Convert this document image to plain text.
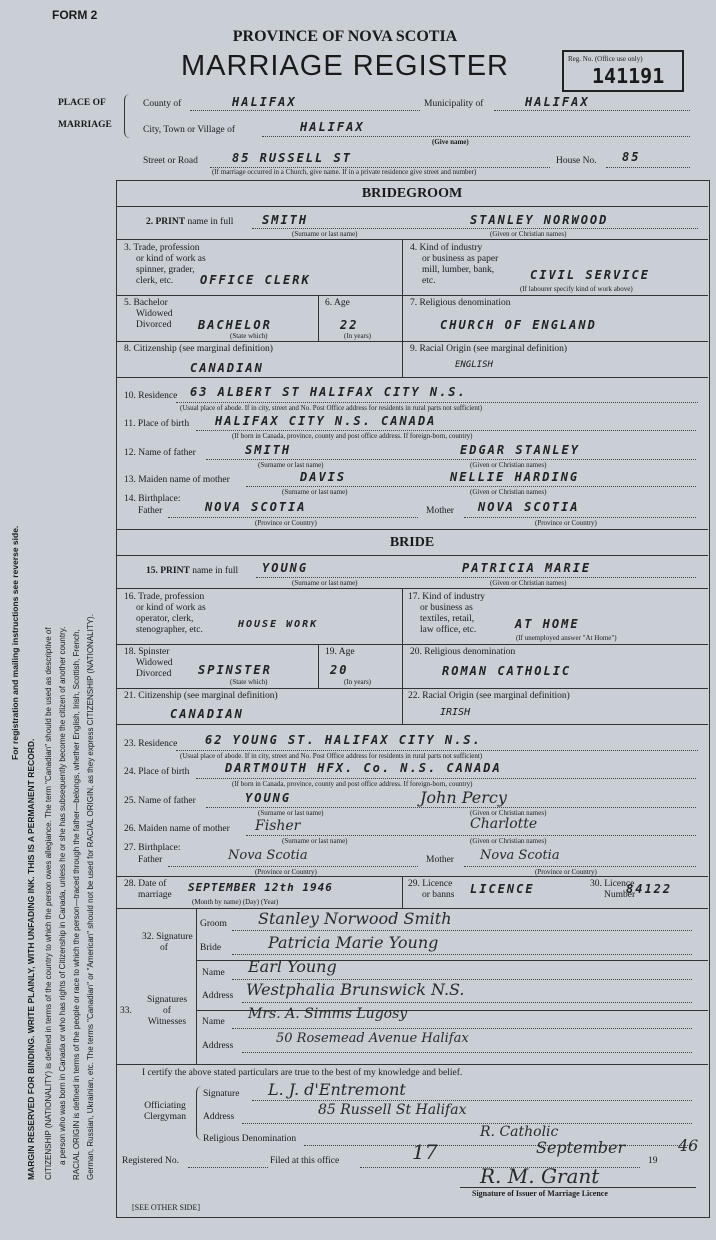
For registration and mailing instructions see reverse side.
MARGIN RESERVED FOR BINDING. WRITE PLAINLY, WITH UNFADING INK. THIS IS A PERMANENT RECORD. CITIZENSHIP (NATIONALITY) is defined in terms of the country to which the person owes allegiance. The term "Canadian" should be used as descriptive of a person who was born in Canada or who has rights of Citizenship in Canada, unless he or she has subsequently become the citizen of another country. RACIAL ORIGIN is defined in terms of the people or race to which the person—traced through the father—belongs, whether English, Irish, Scottish, French, German, Russian, Ukrainian, etc. The terms "Canadian" or "American" should not be used for RACIAL ORIGIN, as they express CITIZENSHIP (NATIONALITY).
FORM 2
PROVINCE OF NOVA SCOTIA
MARRIAGE REGISTER	Reg. No. (Office use only)
141191
PLACE OF
MARRIAGE
County of	HALIFAX	Municipality of	HALIFAX
City, Town or Village of	HALIFAX
(Give name)
Street or Road	85 RUSSELL ST	House No. 85
(If marriage occurred in a Church, give name. If in a private residence give street and number)
BRIDEGROOM
2. PRINT name in full SMITH	STANLEY NORWOOD
(Surname or last name)	(Given or Christian names)
3. Trade, profession
or kind of work as
spinner, grader,
clerk, etc.	OFFICE CLERK
4. Kind of industry
or business as paper
mill, lumber, bank,
etc.	CIVIL SERVICE
(If labourer specify kind of work above)
5. Bachelor
Widowed
Divorced BACHELOR
(State which)
6. Age
22
(In years)
7. Religious denomination
CHURCH OF ENGLAND
8. Citizenship (see marginal definition)
CANADIAN
9. Racial Origin (see marginal definition)
ENGLISH
10. Residence 63 ALBERT ST HALIFAX CITY N.S.
(Usual place of abode. If in city, street and No. Post Office address for residents in rural parts not sufficient)
11. Place of birth HALIFAX CITY N.S. CANADA
(If born in Canada, province, county and post office address. If foreign-born, country)
12. Name of father	SMITH	EDGAR STANLEY
(Surname or last name)	(Given or Christian names)
13. Maiden name of mother	DAVIS	NELLIE HARDING
(Surname or last name)	(Given or Christian names)
14. Birthplace:
Father	NOVA SCOTIA	Mother NOVA SCOTIA
(Province or Country)	(Province or Country)
BRIDE
15. PRINT name in full YOUNG	PATRICIA MARIE
(Surname or last name)	(Given or Christian names)
16. Trade, profession
or kind of work as
operator, clerk,
stenographer, etc.	HOUSE WORK
17. Kind of industry
or business as
textiles, retail,
law office, etc.	AT HOME
(If unemployed answer "At Home")
18. Spinster
Widowed
Divorced SPINSTER
(State which)
19. Age
20
(In years)
20. Religious denomination
ROMAN CATHOLIC
21. Citizenship (see marginal definition)
CANADIAN
22. Racial Origin (see marginal definition)
IRISH
23. Residence 62 YOUNG ST. HALIFAX CITY N.S.
(Usual place of abode. If in city, street and No. Post Office address for residents in rural parts not sufficient)
24. Place of birth	DARTMOUTH HFX. Co. N.S. CANADA
(If born in Canada, province, county and post office address. If foreign-born, country)
25. Name of father	YOUNG	John Percy
(Surname or last name)	(Given or Christian names)
26. Maiden name of mother Fisher	Charlotte
(Surname or last name)	(Given or Christian names)
27. Birthplace:
Father	Nova Scotia	Mother Nova Scotia
(Province or Country)	(Province or Country)
28. Date of
marriage
SEPTEMBER 12th 1946
(Month by name) (Day) (Year)
29. Licence
or banns LICENCE	30. Licence
Number
84122
32. Signature
of
Groom Stanley Norwood Smith
Bride	Patricia Marie Young
33.
Signatures
of
Witnesses
Name Earl Young
Address Westphalia Brunswick N.S.
Name Mrs. A. Simms Lugosy
Address	50 Rosemead Avenue Halifax
I certify the above stated particulars are true to the best of my knowledge and belief.
Officiating
Clergyman
Signature L. J. d'Entremont
Address	85 Russell St Halifax
Religious Denomination	R. Catholic
Registered No.	Filed at this office	17	September
19
46
R. M. Grant
Signature of Issuer of Marriage Licence
[SEE OTHER SIDE]
